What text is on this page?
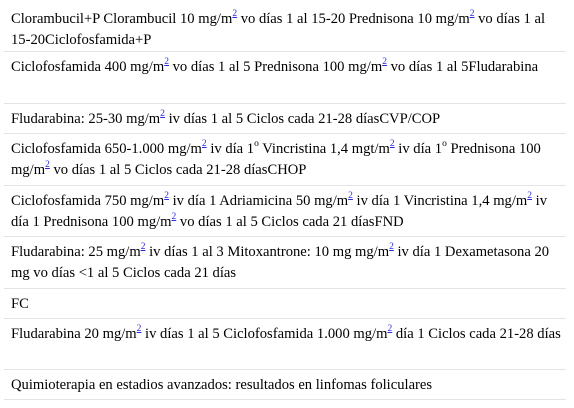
Clorambucil+P Clorambucil 10 $mg/m^2$ vo días 1 al 15-20 Prednisona 10 $mg/m^2$ vo días 1 al 15-20Ciclofosfamida+P
Ciclofosfamida 400 $mg/m^2$ vo días 1 al 5 Prednisona 100 $mg/m^2$ vo días 1 al 5Fludarabina
Fludarabina: 25-30 $mg/m^2$ iv días 1 al 5 Ciclos cada 21-28 díasCVP/COP
Ciclofosfamida 650-1.000 $mg/m^2$ iv día 1$^o$ Vincristina 1,4 mgt/$m^2$ iv día 1$^o$ Prednisona 100 $mg/m^2$ vo días 1 al 5 Ciclos cada 21-28 díasCHOP
Ciclofosfamida 750 $mg/m^2$ iv día 1 Adriamicina 50 $mg/m^2$ iv día 1 Vincristina 1,4 $mg/m^2$ iv día 1 Prednisona 100 $mg/m^2$ vo días 1 al 5 Ciclos cada 21 díasFND
Fludarabina: 25 $mg/m^2$ iv días 1 al 3 Mitoxantrone: 10 mg $mg/m^2$ iv día 1 Dexametasona 20 mg vo días <1 al 5 Ciclos cada 21 días
FC
Fludarabina 20 $mg/m^2$ iv días 1 al 5 Ciclofosfamida 1.000 $mg/m^2$ día 1 Ciclos cada 21-28 días
Quimioterapia en estadios avanzados: resultados en linfomas foliculares
